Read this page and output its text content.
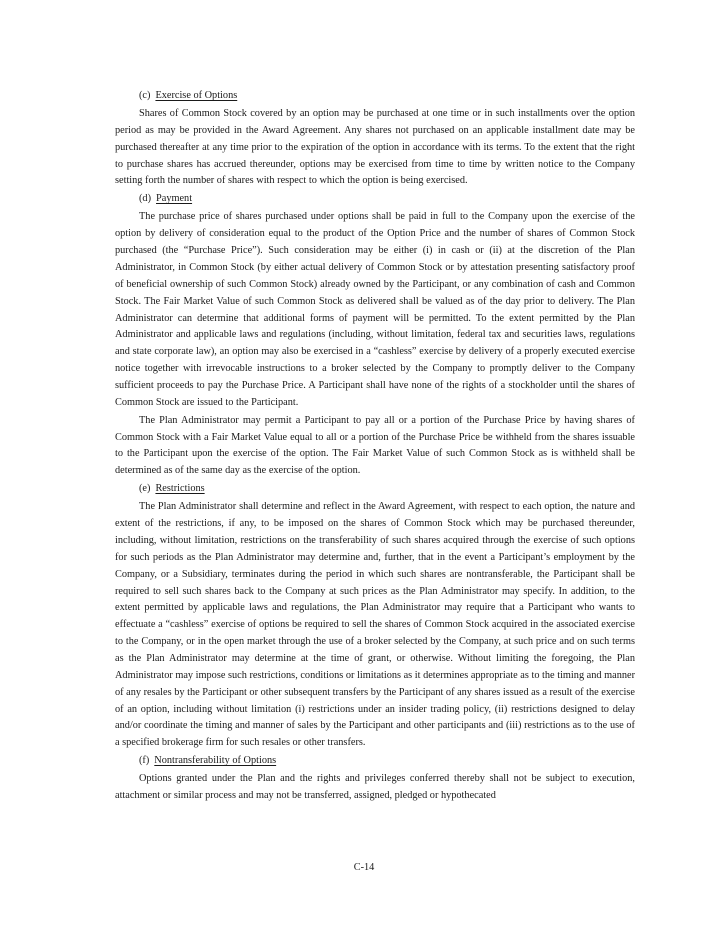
(c) Exercise of Options

Shares of Common Stock covered by an option may be purchased at one time or in such installments over the option period as may be provided in the Award Agreement. Any shares not purchased on an applicable installment date may be purchased thereafter at any time prior to the expiration of the option in accordance with its terms. To the extent that the right to purchase shares has accrued thereunder, options may be exercised from time to time by written notice to the Company setting forth the number of shares with respect to which the option is being exercised.

(d) Payment

The purchase price of shares purchased under options shall be paid in full to the Company upon the exercise of the option by delivery of consideration equal to the product of the Option Price and the number of shares of Common Stock purchased (the “Purchase Price”). Such consideration may be either (i) in cash or (ii) at the discretion of the Plan Administrator, in Common Stock (by either actual delivery of Common Stock or by attestation presenting satisfactory proof of beneficial ownership of such Common Stock) already owned by the Participant, or any combination of cash and Common Stock. The Fair Market Value of such Common Stock as delivered shall be valued as of the day prior to delivery. The Plan Administrator can determine that additional forms of payment will be permitted. To the extent permitted by the Plan Administrator and applicable laws and regulations (including, without limitation, federal tax and securities laws, regulations and state corporate law), an option may also be exercised in a “cashless” exercise by delivery of a properly executed exercise notice together with irrevocable instructions to a broker selected by the Company to promptly deliver to the Company sufficient proceeds to pay the Purchase Price. A Participant shall have none of the rights of a stockholder until the shares of Common Stock are issued to the Participant.

The Plan Administrator may permit a Participant to pay all or a portion of the Purchase Price by having shares of Common Stock with a Fair Market Value equal to all or a portion of the Purchase Price be withheld from the shares issuable to the Participant upon the exercise of the option. The Fair Market Value of such Common Stock as is withheld shall be determined as of the same day as the exercise of the option.

(e) Restrictions

The Plan Administrator shall determine and reflect in the Award Agreement, with respect to each option, the nature and extent of the restrictions, if any, to be imposed on the shares of Common Stock which may be purchased thereunder, including, without limitation, restrictions on the transferability of such shares acquired through the exercise of such options for such periods as the Plan Administrator may determine and, further, that in the event a Participant’s employment by the Company, or a Subsidiary, terminates during the period in which such shares are nontransferable, the Participant shall be required to sell such shares back to the Company at such prices as the Plan Administrator may specify. In addition, to the extent permitted by applicable laws and regulations, the Plan Administrator may require that a Participant who wants to effectuate a “cashless” exercise of options be required to sell the shares of Common Stock acquired in the associated exercise to the Company, or in the open market through the use of a broker selected by the Company, at such price and on such terms as the Plan Administrator may determine at the time of grant, or otherwise. Without limiting the foregoing, the Plan Administrator may impose such restrictions, conditions or limitations as it determines appropriate as to the timing and manner of any resales by the Participant or other subsequent transfers by the Participant of any shares issued as a result of the exercise of an option, including without limitation (i) restrictions under an insider trading policy, (ii) restrictions designed to delay and/or coordinate the timing and manner of sales by the Participant and other participants and (iii) restrictions as to the use of a specified brokerage firm for such resales or other transfers.

(f) Nontransferability of Options

Options granted under the Plan and the rights and privileges conferred thereby shall not be subject to execution, attachment or similar process and may not be transferred, assigned, pledged or hypothecated

C-14
